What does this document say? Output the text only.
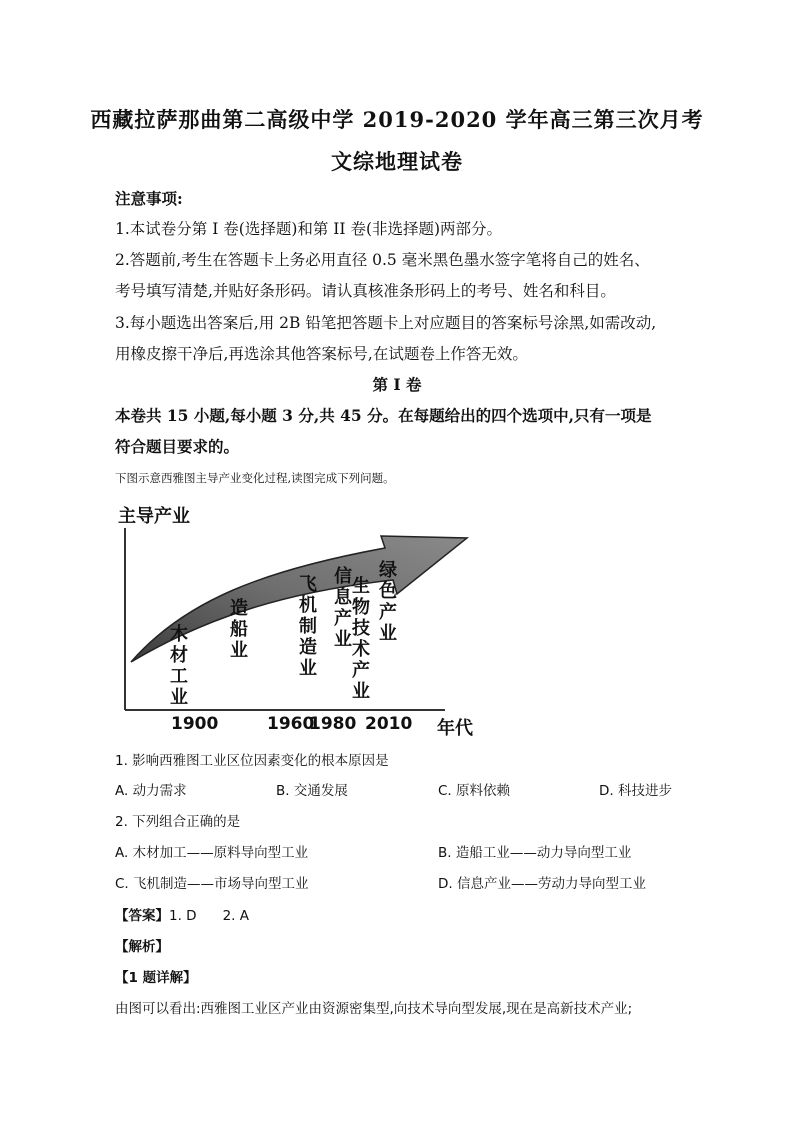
西藏拉萨那曲第二高级中学 2019-2020 学年高三第三次月考
文综地理试卷
注意事项:
1.本试卷分第 I 卷(选择题)和第 II 卷(非选择题)两部分。
2.答题前,考生在答题卡上务必用直径 0.5 毫米黑色墨水签字笔将自己的姓名、
考号填写清楚,并贴好条形码。请认真核准条形码上的考号、姓名和科目。
3.每小题选出答案后,用 2B 铅笔把答题卡上对应题目的答案标号涂黑,如需改动,
用橡皮擦干净后,再选涂其他答案标号,在试题卷上作答无效。
第 I 卷
本卷共 15 小题,每小题 3 分,共 45 分。在每题给出的四个选项中,只有一项是
符合题目要求的。
下图示意西雅图主导产业变化过程,读图完成下列问题。
主导产业
年代
1900	1960
1980 2010
木材工业
造船业
飞机制造业
信息产业
生物技术产业
绿色产业
1. 影响西雅图工业区位因素变化的根本原因是
A. 动力需求	B. 交通发展	C. 原料依赖	D. 科技进步
2. 下列组合正确的是
A. 木材加工——原料导向型工业	B. 造船工业——动力导向型工业
C. 飞机制造——市场导向型工业	D. 信息产业——劳动力导向型工业
【答案】1. D 2. A
【解析】
【1 题详解】
由图可以看出:西雅图工业区产业由资源密集型,向技术导向型发展,现在是高新技术产业;
